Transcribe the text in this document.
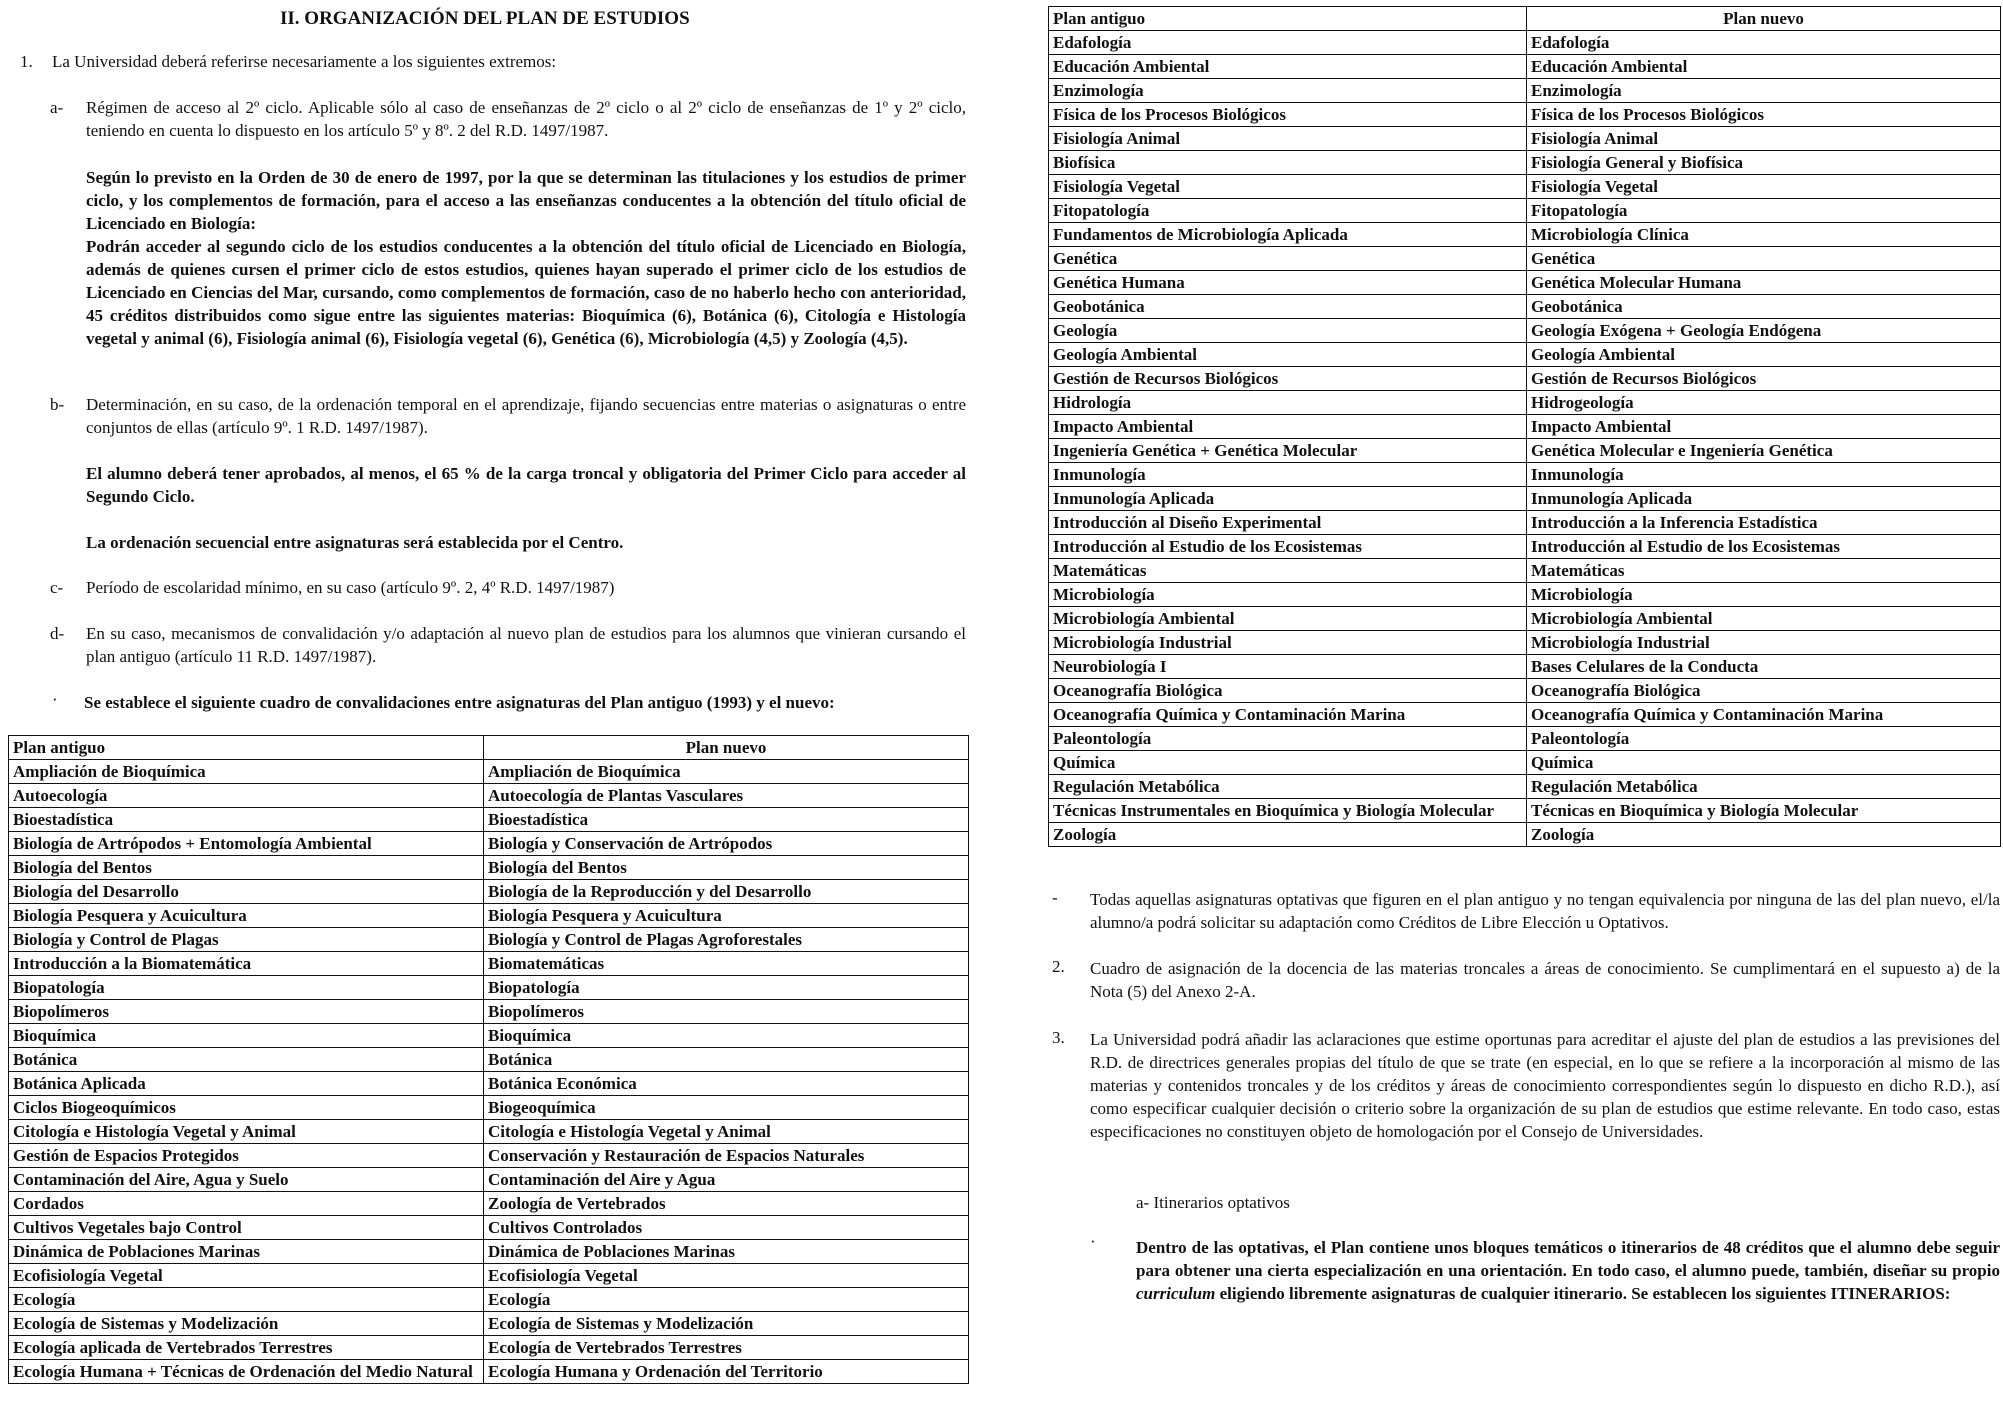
II. ORGANIZACIÓN DEL PLAN DE ESTUDIOS
1. La Universidad deberá referirse necesariamente a los siguientes extremos:
a- Régimen de acceso al 2º ciclo. Aplicable sólo al caso de enseñanzas de 2º ciclo o al 2º ciclo de enseñanzas de 1º y 2º ciclo, teniendo en cuenta lo dispuesto en los artículo 5º y 8º. 2 del R.D. 1497/1987.
Según lo previsto en la Orden de 30 de enero de 1997, por la que se determinan las titulaciones y los estudios de primer ciclo, y los complementos de formación, para el acceso a las enseñanzas conducentes a la obtención del título oficial de Licenciado en Biología:
Podrán acceder al segundo ciclo de los estudios conducentes a la obtención del título oficial de Licenciado en Biología, además de quienes cursen el primer ciclo de estos estudios, quienes hayan superado el primer ciclo de los estudios de Licenciado en Ciencias del Mar, cursando, como complementos de formación, caso de no haberlo hecho con anterioridad, 45 créditos distribuidos como sigue entre las siguientes materias: Bioquímica (6), Botánica (6), Citología e Histología vegetal y animal (6), Fisiología animal (6), Fisiología vegetal (6), Genética (6), Microbiología (4,5) y Zoología (4,5).
b- Determinación, en su caso, de la ordenación temporal en el aprendizaje, fijando secuencias entre materias o asignaturas o entre conjuntos de ellas (artículo 9º. 1 R.D. 1497/1987).
El alumno deberá tener aprobados, al menos, el 65 % de la carga troncal y obligatoria del Primer Ciclo para acceder al Segundo Ciclo.
La ordenación secuencial entre asignaturas será establecida por el Centro.
c- Período de escolaridad mínimo, en su caso (artículo 9º. 2, 4º R.D. 1497/1987)
d- En su caso, mecanismos de convalidación y/o adaptación al nuevo plan de estudios para los alumnos que vinieran cursando el plan antiguo (artículo 11 R.D. 1497/1987).
· Se establece el siguiente cuadro de convalidaciones entre asignaturas del Plan antiguo (1993) y el nuevo:
Plan antiguo	Plan nuevo
Ampliación de Bioquímica	Ampliación de Bioquímica
Autoecología	Autoecología de Plantas Vasculares
Bioestadística	Bioestadística
Biología de Artrópodos + Entomología Ambiental	Biología y Conservación de Artrópodos
Biología del Bentos	Biología del Bentos
Biología del Desarrollo	Biología de la Reproducción y del Desarrollo
Biología Pesquera y Acuicultura	Biología Pesquera y Acuicultura
Biología y Control de Plagas	Biología y Control de Plagas Agroforestales
Introducción a la Biomatemática	Biomatemáticas
Biopatología	Biopatología
Biopolímeros	Biopolímeros
Bioquímica	Bioquímica
Botánica	Botánica
Botánica Aplicada	Botánica Económica
Ciclos Biogeoquímicos	Biogeoquímica
Citología e Histología Vegetal y Animal	Citología e Histología Vegetal y Animal
Gestión de Espacios Protegidos	Conservación y Restauración de Espacios Naturales
Contaminación del Aire, Agua y Suelo	Contaminación del Aire y Agua
Cordados	Zoología de Vertebrados
Cultivos Vegetales bajo Control	Cultivos Controlados
Dinámica de Poblaciones Marinas	Dinámica de Poblaciones Marinas
Ecofisiología Vegetal	Ecofisiología Vegetal
Ecología	Ecología
Ecología de Sistemas y Modelización	Ecología de Sistemas y Modelización
Ecología aplicada de Vertebrados Terrestres	Ecología de Vertebrados Terrestres
Ecología Humana + Técnicas de Ordenación del Medio Natural	Ecología Humana y Ordenación del Territorio
Plan antiguo	Plan nuevo
Edafología	Edafología
Educación Ambiental	Educación Ambiental
Enzimología	Enzimología
Física de los Procesos Biológicos	Física de los Procesos Biológicos
Fisiología Animal	Fisiología Animal
Biofísica	Fisiología General y Biofísica
Fisiología Vegetal	Fisiología Vegetal
Fitopatología	Fitopatología
Fundamentos de Microbiología Aplicada	Microbiología Clínica
Genética	Genética
Genética Humana	Genética Molecular Humana
Geobotánica	Geobotánica
Geología	Geología Exógena + Geología Endógena
Geología Ambiental	Geología Ambiental
Gestión de Recursos Biológicos	Gestión de Recursos Biológicos
Hidrología	Hidrogeología
Impacto Ambiental	Impacto Ambiental
Ingeniería Genética + Genética Molecular	Genética Molecular e Ingeniería Genética
Inmunología	Inmunología
Inmunología Aplicada	Inmunología Aplicada
Introducción al Diseño Experimental	Introducción a la Inferencia Estadística
Introducción al Estudio de los Ecosistemas	Introducción al Estudio de los Ecosistemas
Matemáticas	Matemáticas
Microbiología	Microbiología
Microbiología Ambiental	Microbiología Ambiental
Microbiología Industrial	Microbiología Industrial
Neurobiología I	Bases Celulares de la Conducta
Oceanografía Biológica	Oceanografía Biológica
Oceanografía Química y Contaminación Marina	Oceanografía Química y Contaminación Marina
Paleontología	Paleontología
Química	Química
Regulación Metabólica	Regulación Metabólica
Técnicas Instrumentales en Bioquímica y Biología Molecular	Técnicas en Bioquímica y Biología Molecular
Zoología	Zoología
- Todas aquellas asignaturas optativas que figuren en el plan antiguo y no tengan equivalencia por ninguna de las del plan nuevo, el/la alumno/a podrá solicitar su adaptación como Créditos de Libre Elección u Optativos.
2. Cuadro de asignación de la docencia de las materias troncales a áreas de conocimiento. Se cumplimentará en el supuesto a) de la Nota (5) del Anexo 2-A.
3. La Universidad podrá añadir las aclaraciones que estime oportunas para acreditar el ajuste del plan de estudios a las previsiones del R.D. de directrices generales propias del título de que se trate (en especial, en lo que se refiere a la incorporación al mismo de las materias y contenidos troncales y de los créditos y áreas de conocimiento correspondientes según lo dispuesto en dicho R.D.), así como especificar cualquier decisión o criterio sobre la organización de su plan de estudios que estime relevante. En todo caso, estas especificaciones no constituyen objeto de homologación por el Consejo de Universidades.
a- Itinerarios optativos
· Dentro de las optativas, el Plan contiene unos bloques temáticos o itinerarios de 48 créditos que el alumno debe seguir para obtener una cierta especialización en una orientación. En todo caso, el alumno puede, también, diseñar su propio curriculum eligiendo libremente asignaturas de cualquier itinerario. Se establecen los siguientes ITINERARIOS:
